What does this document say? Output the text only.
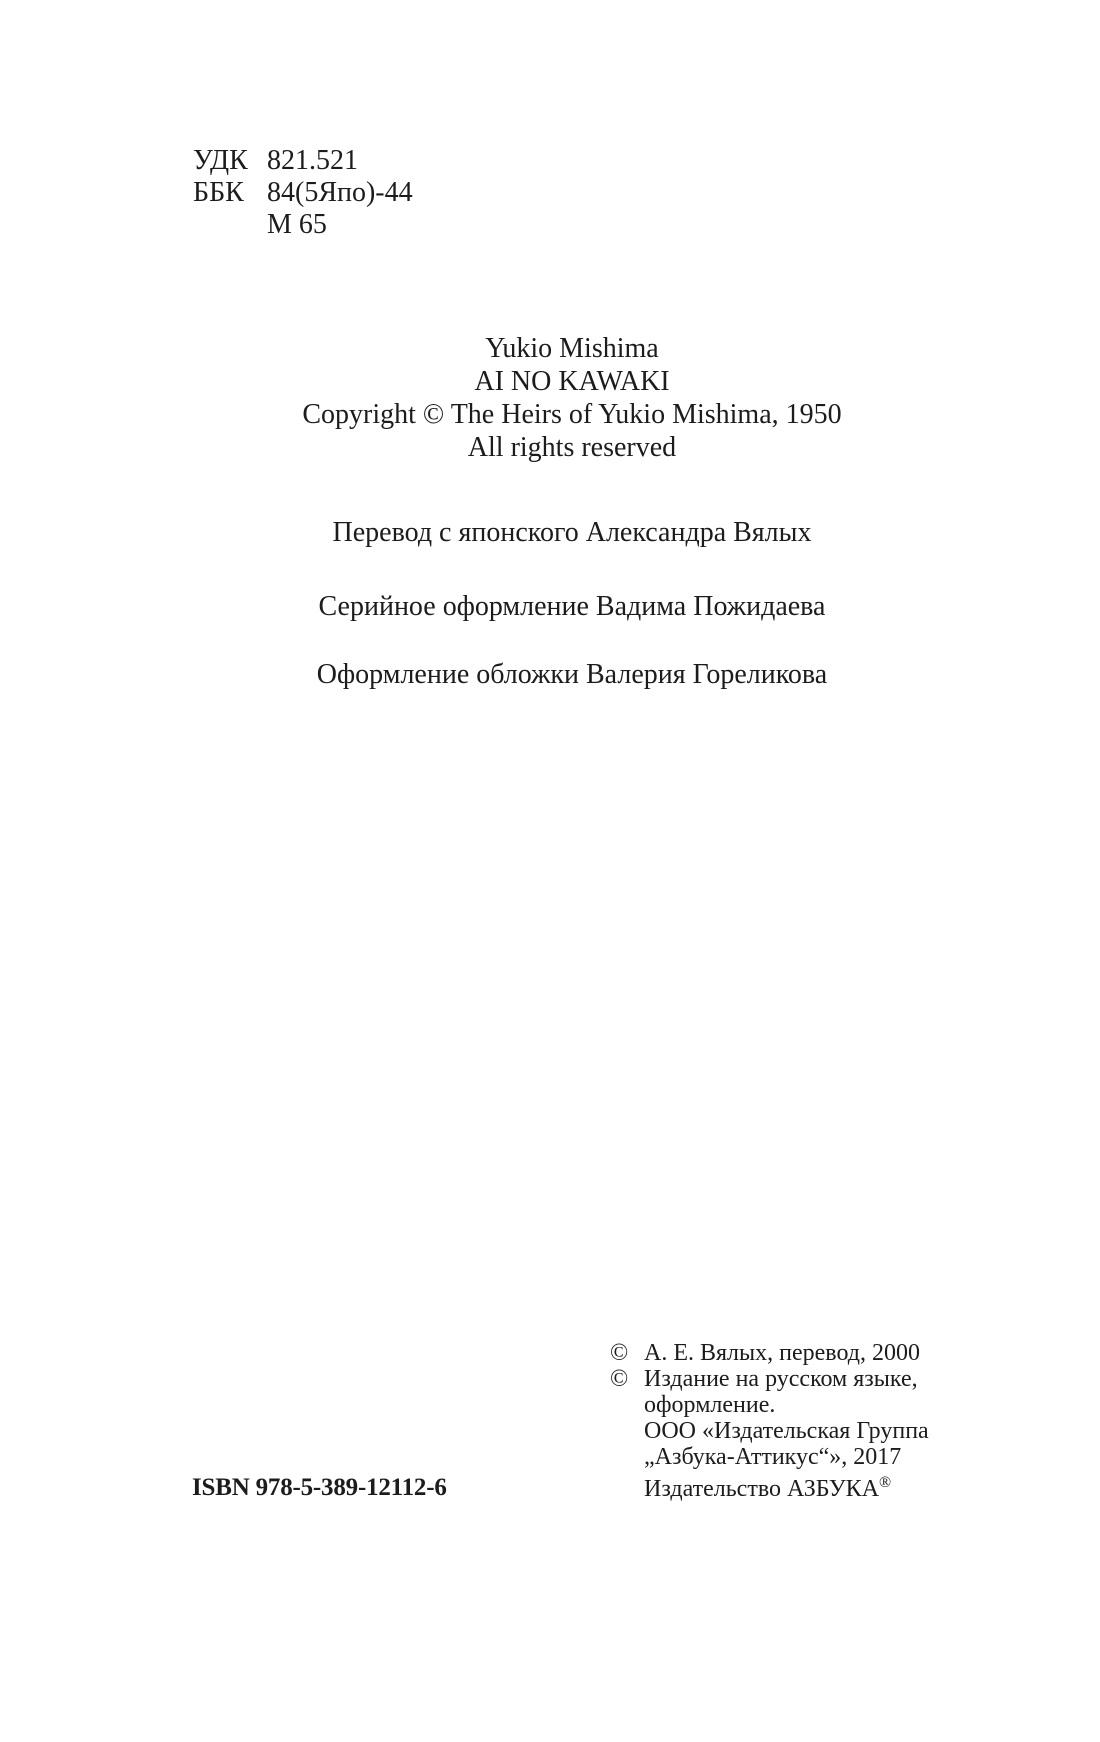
УДК 821.521
ББК 84(5Япо)-44
М 65
Yukio Mishima
AI NO KAWAKI
Copyright © The Heirs of Yukio Mishima, 1950
All rights reserved
Перевод с японского Александра Вялых
Серийное оформление Вадима Пожидаева
Оформление обложки Валерия Гореликова
© А. Е. Вялых, перевод, 2000
© Издание на русском языке,
оформление.
ООО «Издательская Группа
„Азбука-Аттикус“», 2017
Издательство АЗБУКА®
ISBN 978-5-389-12112-6
